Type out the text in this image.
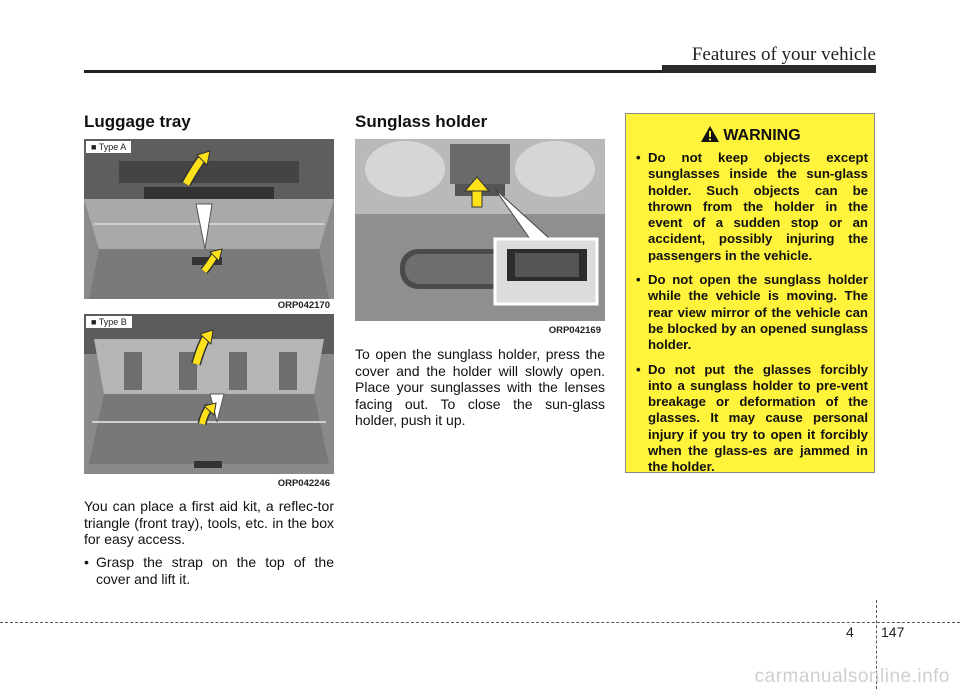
Features of your vehicle
Luggage tray
■ Type A
ORP042170
■ Type B
ORP042246
You can place a first aid kit, a reflec-tor triangle (front tray), tools, etc. in the box for easy access.
• Grasp the strap on the top of the cover and lift it.
Sunglass holder
ORP042169
To open the sunglass holder, press the cover and the holder will slowly open. Place your sunglasses with the lenses facing out. To close the sun-glass holder, push it up.
WARNING
• Do not keep objects except sunglasses inside the sun-glass holder. Such objects can be thrown from the holder in the event of a sudden stop or an accident, possibly injuring the passengers in the vehicle.
• Do not open the sunglass holder while the vehicle is moving. The rear view mirror of the vehicle can be blocked by an opened sunglass holder.
• Do not put the glasses forcibly into a sunglass holder to pre-vent breakage or deformation of the glasses. It may cause personal injury if you try to open it forcibly when the glass-es are jammed in the holder.
4 147
carmanualsonline.info
